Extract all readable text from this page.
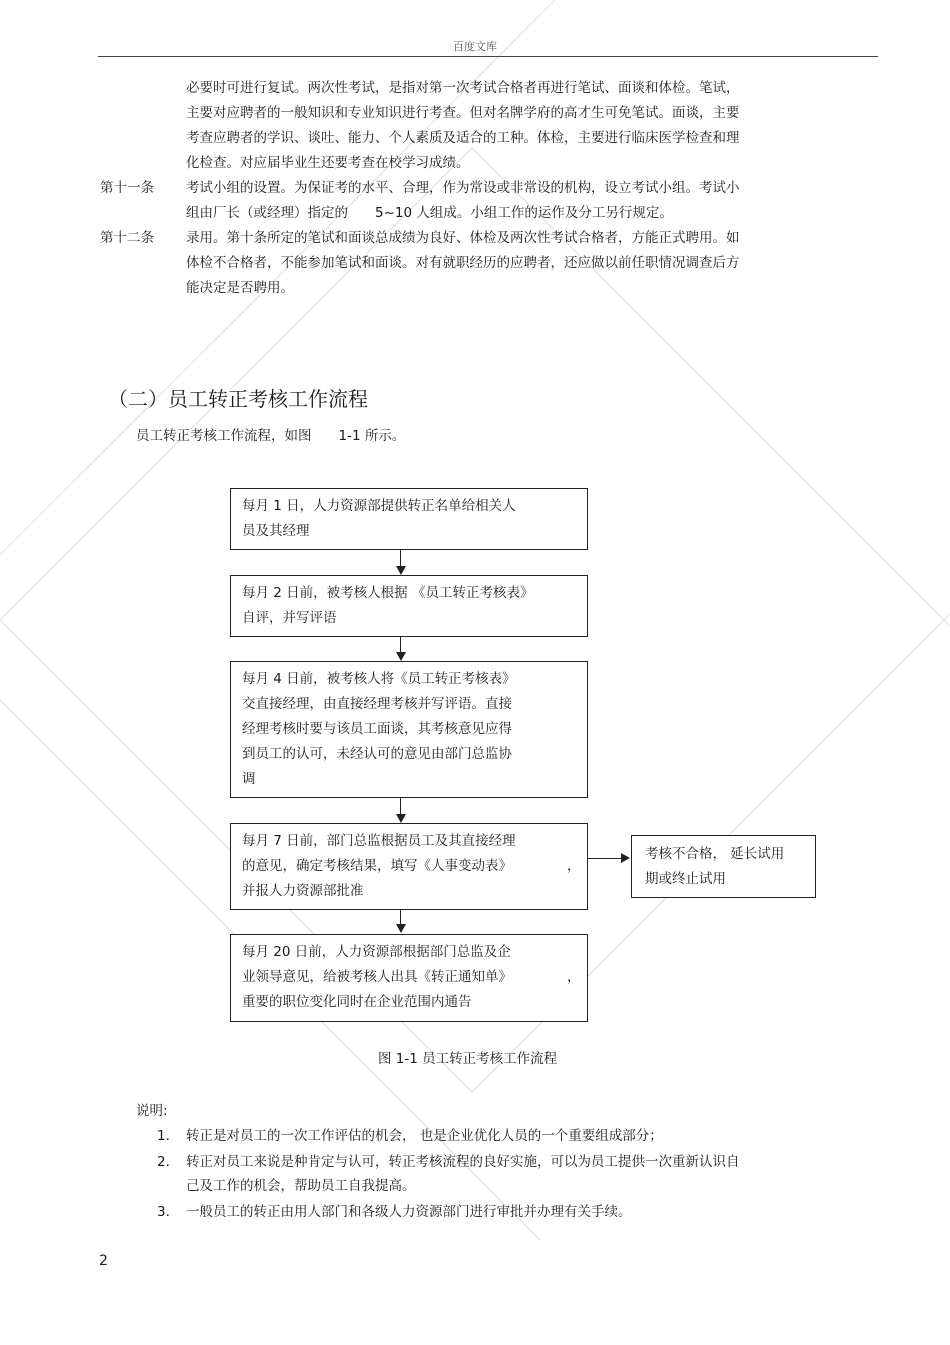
百度文库
必要时可进行复试。两次性考试，是指对第一次考试合格者再进行笔试、面谈和体检。笔试，
主要对应聘者的一般知识和专业知识进行考查。但对名牌学府的高才生可免笔试。面谈，主要
考查应聘者的学识、谈吐、能力、个人素质及适合的工种。体检，主要进行临床医学检查和理
化检查。对应届毕业生还要考查在校学习成绩。
第十一条 考试小组的设置。为保证考的水平、合理，作为常设或非常设的机构，设立考试小组。考试小
组由厂长（或经理）指定的　　5~10 人组成。小组工作的运作及分工另行规定。
第十二条 录用。第十条所定的笔试和面谈总成绩为良好、体检及两次性考试合格者，方能正式聘用。如
体检不合格者，不能参加笔试和面谈。对有就职经历的应聘者，还应做以前任职情况调查后方
能决定是否聘用。
（二）员工转正考核工作流程
员工转正考核工作流程，如图　　1-1 所示。
每月 1 日，人力资源部提供转正名单给相关人
员及其经理
每月 2 日前，被考核人根据 《员工转正考核表》
自评，并写评语
每月 4 日前，被考核人将《员工转正考核表》
交直接经理，由直接经理考核并写评语。直接
经理考核时要与该员工面谈，其考核意见应得
到员工的认可，未经认可的意见由部门总监协
调
每月 7 日前，部门总监根据员工及其直接经理
的意见，确定考核结果，填写《人事变动表》
并报人力资源部批准
，
每月 20 日前，人力资源部根据部门总监及企
业领导意见，给被考核人出具《转正通知单》
重要的职位变化同时在企业范围内通告
，
考核不合格， 延长试用
期或终止试用
图 1-1 员工转正考核工作流程
说明:
1. 转正是对员工的一次工作评估的机会， 也是企业优化人员的一个重要组成部分；
2. 转正对员工来说是种肯定与认可，转正考核流程的良好实施，可以为员工提供一次重新认识自
己及工作的机会，帮助员工自我提高。
3. 一般员工的转正由用人部门和各级人力资源部门进行审批并办理有关手续。
2
